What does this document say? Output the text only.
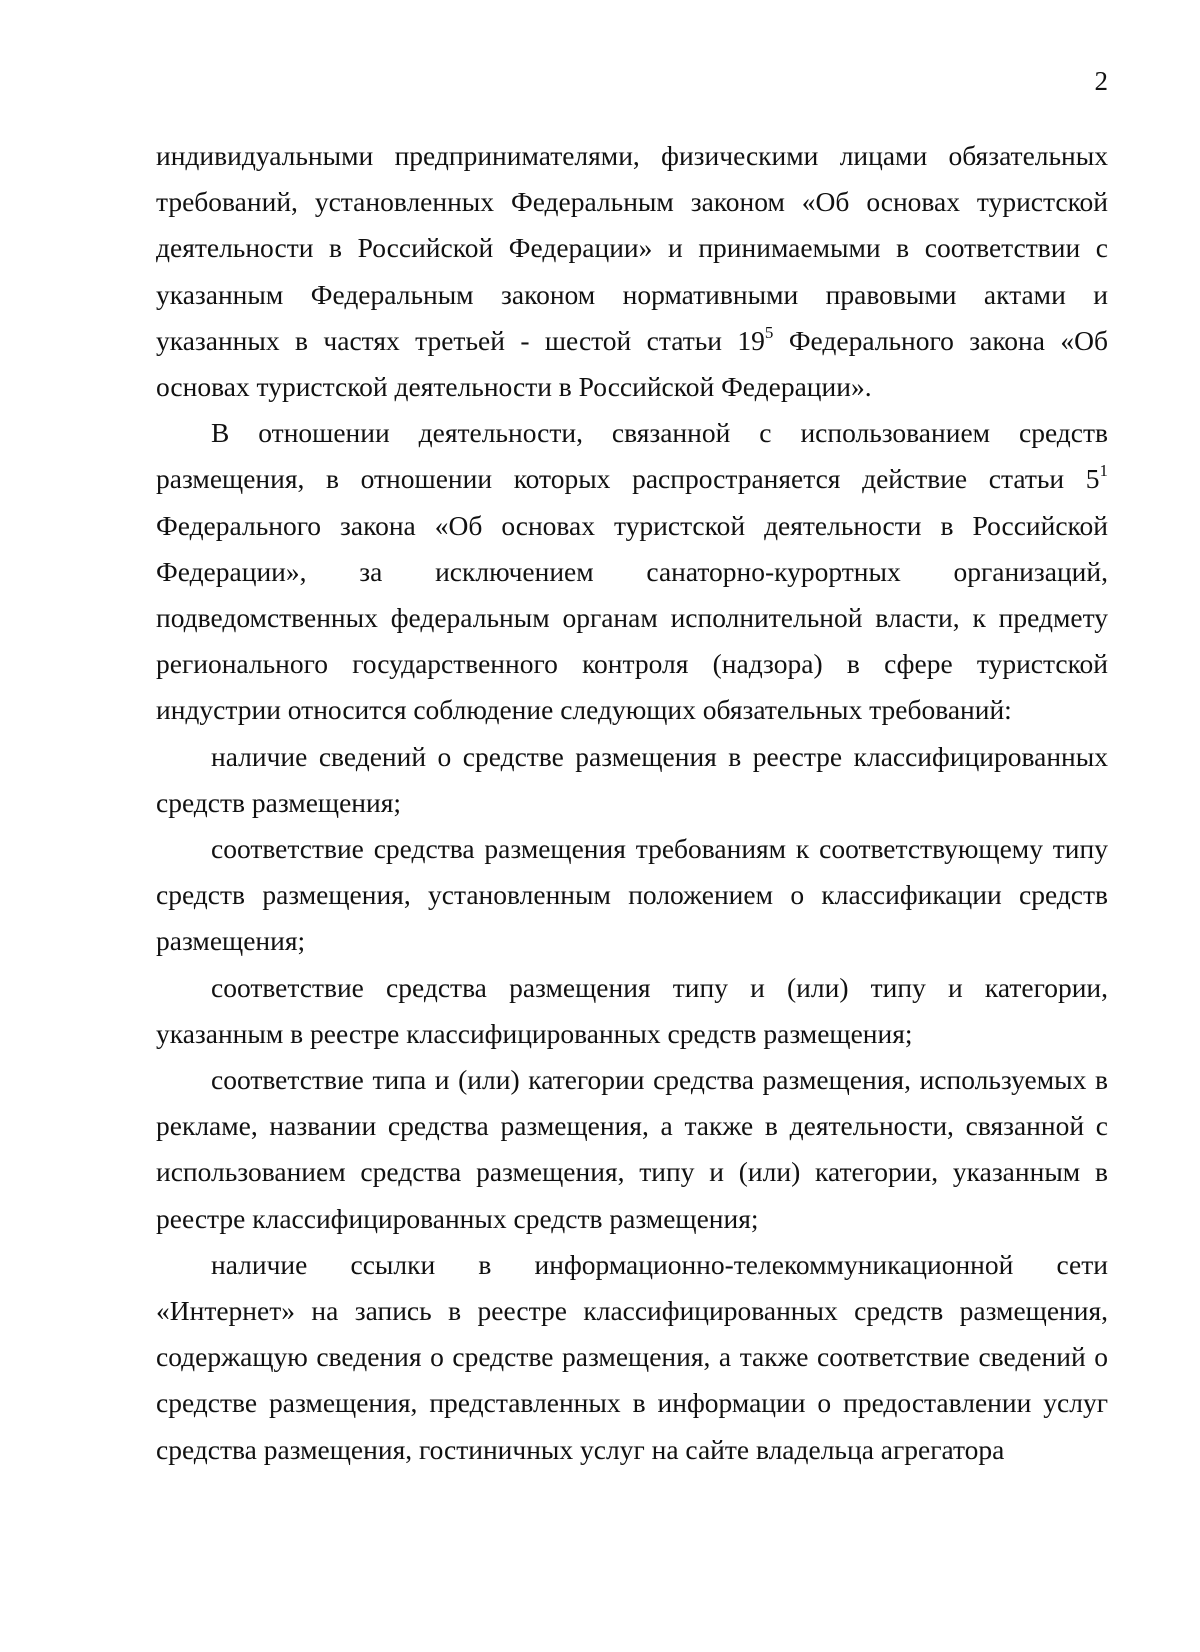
2

индивидуальными предпринимателями, физическими лицами обязательных требований, установленных Федеральным законом «Об основах туристской деятельности в Российской Федерации» и принимаемыми в соответствии с указанным Федеральным законом нормативными правовыми актами и указанных в частях третьей - шестой статьи $19^5$ Федерального закона «Об основах туристской деятельности в Российской Федерации».

В отношении деятельности, связанной с использованием средств размещения, в отношении которых распространяется действие статьи $5^1$ Федерального закона «Об основах туристской деятельности в Российской Федерации», за исключением санаторно-курортных организаций, подведомственных федеральным органам исполнительной власти, к предмету регионального государственного контроля (надзора) в сфере туристской индустрии относится соблюдение следующих обязательных требований:

наличие сведений о средстве размещения в реестре классифицированных средств размещения;

соответствие средства размещения требованиям к соответствующему типу средств размещения, установленным положением о классификации средств размещения;

соответствие средства размещения типу и (или) типу и категории, указанным в реестре классифицированных средств размещения;

соответствие типа и (или) категории средства размещения, используемых в рекламе, названии средства размещения, а также в деятельности, связанной с использованием средства размещения, типу и (или) категории, указанным в реестре классифицированных средств размещения;

наличие ссылки в информационно-телекоммуникационной сети «Интернет» на запись в реестре классифицированных средств размещения, содержащую сведения о средстве размещения, а также соответствие сведений о средстве размещения, представленных в информации о предоставлении услуг средства размещения, гостиничных услуг на сайте владельца агрегатора
